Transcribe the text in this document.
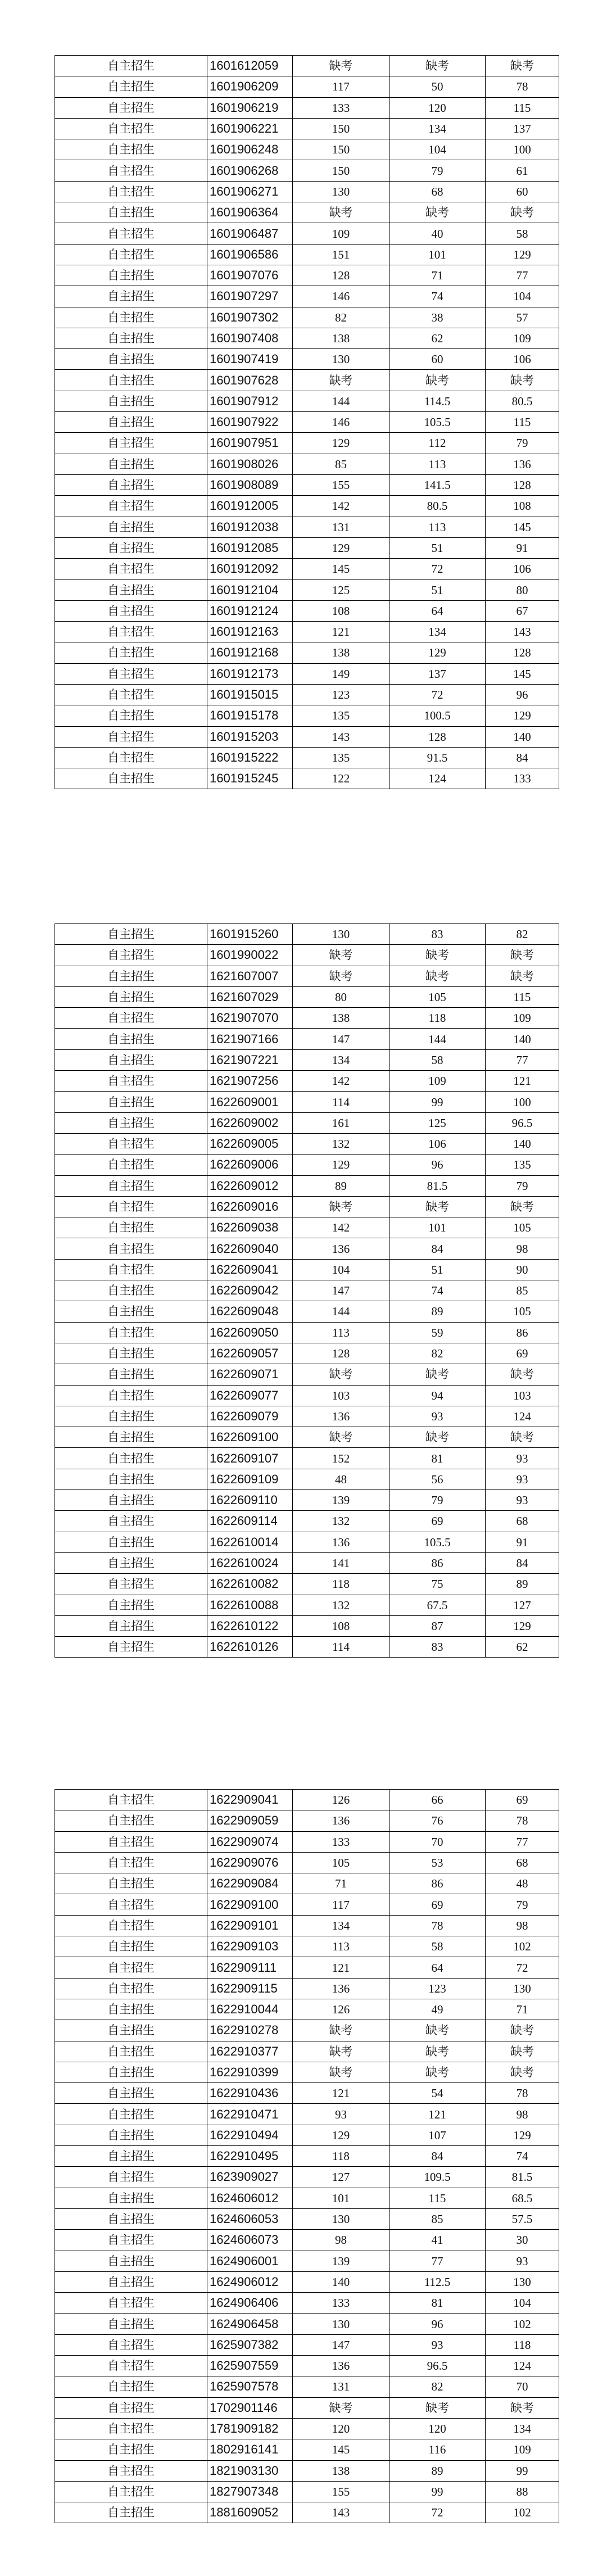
自主招生	1601612059	缺考	缺考	缺考
自主招生	1601906209	117	50	78
自主招生	1601906219	133	120	115
自主招生	1601906221	150	134	137
自主招生	1601906248	150	104	100
自主招生	1601906268	150	79	61
自主招生	1601906271	130	68	60
自主招生	1601906364	缺考	缺考	缺考
自主招生	1601906487	109	40	58
自主招生	1601906586	151	101	129
自主招生	1601907076	128	71	77
自主招生	1601907297	146	74	104
自主招生	1601907302	82	38	57
自主招生	1601907408	138	62	109
自主招生	1601907419	130	60	106
自主招生	1601907628	缺考	缺考	缺考
自主招生	1601907912	144	114.5	80.5
自主招生	1601907922	146	105.5	115
自主招生	1601907951	129	112	79
自主招生	1601908026	85	113	136
自主招生	1601908089	155	141.5	128
自主招生	1601912005	142	80.5	108
自主招生	1601912038	131	113	145
自主招生	1601912085	129	51	91
自主招生	1601912092	145	72	106
自主招生	1601912104	125	51	80
自主招生	1601912124	108	64	67
自主招生	1601912163	121	134	143
自主招生	1601912168	138	129	128
自主招生	1601912173	149	137	145
自主招生	1601915015	123	72	96
自主招生	1601915178	135	100.5	129
自主招生	1601915203	143	128	140
自主招生	1601915222	135	91.5	84
自主招生	1601915245	122	124	133
自主招生	1601915260	130	83	82
自主招生	1601990022	缺考	缺考	缺考
自主招生	1621607007	缺考	缺考	缺考
自主招生	1621607029	80	105	115
自主招生	1621907070	138	118	109
自主招生	1621907166	147	144	140
自主招生	1621907221	134	58	77
自主招生	1621907256	142	109	121
自主招生	1622609001	114	99	100
自主招生	1622609002	161	125	96.5
自主招生	1622609005	132	106	140
自主招生	1622609006	129	96	135
自主招生	1622609012	89	81.5	79
自主招生	1622609016	缺考	缺考	缺考
自主招生	1622609038	142	101	105
自主招生	1622609040	136	84	98
自主招生	1622609041	104	51	90
自主招生	1622609042	147	74	85
自主招生	1622609048	144	89	105
自主招生	1622609050	113	59	86
自主招生	1622609057	128	82	69
自主招生	1622609071	缺考	缺考	缺考
自主招生	1622609077	103	94	103
自主招生	1622609079	136	93	124
自主招生	1622609100	缺考	缺考	缺考
自主招生	1622609107	152	81	93
自主招生	1622609109	48	56	93
自主招生	1622609110	139	79	93
自主招生	1622609114	132	69	68
自主招生	1622610014	136	105.5	91
自主招生	1622610024	141	86	84
自主招生	1622610082	118	75	89
自主招生	1622610088	132	67.5	127
自主招生	1622610122	108	87	129
自主招生	1622610126	114	83	62
自主招生	1622909041	126	66	69
自主招生	1622909059	136	76	78
自主招生	1622909074	133	70	77
自主招生	1622909076	105	53	68
自主招生	1622909084	71	86	48
自主招生	1622909100	117	69	79
自主招生	1622909101	134	78	98
自主招生	1622909103	113	58	102
自主招生	1622909111	121	64	72
自主招生	1622909115	136	123	130
自主招生	1622910044	126	49	71
自主招生	1622910278	缺考	缺考	缺考
自主招生	1622910377	缺考	缺考	缺考
自主招生	1622910399	缺考	缺考	缺考
自主招生	1622910436	121	54	78
自主招生	1622910471	93	121	98
自主招生	1622910494	129	107	129
自主招生	1622910495	118	84	74
自主招生	1623909027	127	109.5	81.5
自主招生	1624606012	101	115	68.5
自主招生	1624606053	130	85	57.5
自主招生	1624606073	98	41	30
自主招生	1624906001	139	77	93
自主招生	1624906012	140	112.5	130
自主招生	1624906406	133	81	104
自主招生	1624906458	130	96	102
自主招生	1625907382	147	93	118
自主招生	1625907559	136	96.5	124
自主招生	1625907578	131	82	70
自主招生	1702901146	缺考	缺考	缺考
自主招生	1781909182	120	120	134
自主招生	1802916141	145	116	109
自主招生	1821903130	138	89	99
自主招生	1827907348	155	99	88
自主招生	1881609052	143	72	102
